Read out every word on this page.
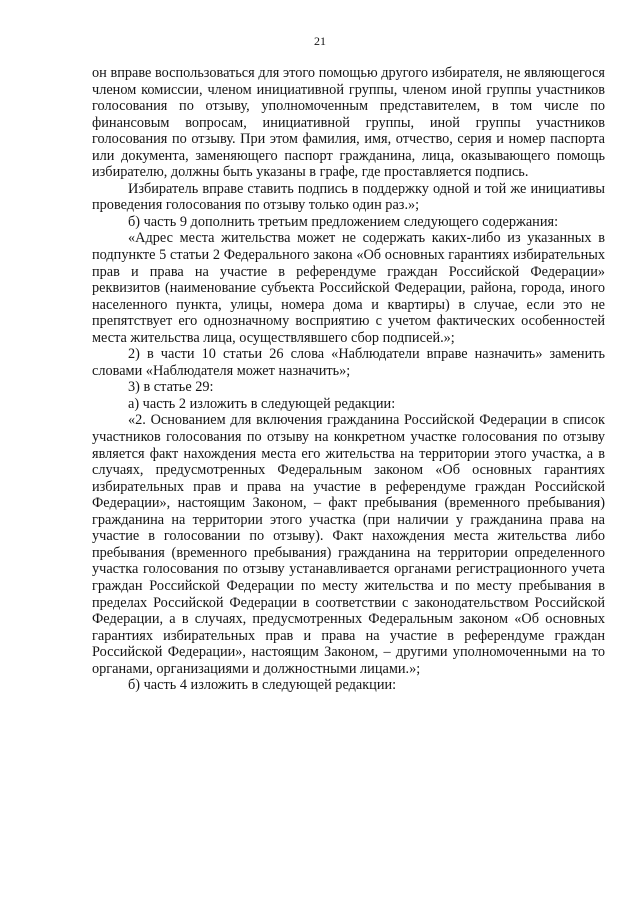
21

он вправе воспользоваться для этого помощью другого избирателя, не являющегося членом комиссии, членом инициативной группы, членом иной группы участников голосования по отзыву, уполномоченным представителем, в том числе по финансовым вопросам, инициативной группы, иной группы участников голосования по отзыву. При этом фамилия, имя, отчество, серия и номер паспорта или документа, заменяющего паспорт гражданина, лица, оказывающего помощь избирателю, должны быть указаны в графе, где проставляется подпись.

Избиратель вправе ставить подпись в поддержку одной и той же инициативы проведения голосования по отзыву только один раз.»;

б) часть 9 дополнить третьим предложением следующего содержания:

«Адрес места жительства может не содержать каких-либо из указанных в подпункте 5 статьи 2 Федерального закона «Об основных гарантиях избирательных прав и права на участие в референдуме граждан Российской Федерации» реквизитов (наименование субъекта Российской Федерации, района, города, иного населенного пункта, улицы, номера дома и квартиры) в случае, если это не препятствует его однозначному восприятию с учетом фактических особенностей места жительства лица, осуществлявшего сбор подписей.»;

2) в части 10 статьи 26 слова «Наблюдатели вправе назначить» заменить словами «Наблюдателя может назначить»;

3) в статье 29:

а) часть 2 изложить в следующей редакции:

«2. Основанием для включения гражданина Российской Федерации в список участников голосования по отзыву на конкретном участке голосования по отзыву является факт нахождения места его жительства на территории этого участка, а в случаях, предусмотренных Федеральным законом «Об основных гарантиях избирательных прав и права на участие в референдуме граждан Российской Федерации», настоящим Законом, – факт пребывания (временного пребывания) гражданина на территории этого участка (при наличии у гражданина права на участие в голосовании по отзыву). Факт нахождения места жительства либо пребывания (временного пребывания) гражданина на территории определенного участка голосования по отзыву устанавливается органами регистрационного учета граждан Российской Федерации по месту жительства и по месту пребывания в пределах Российской Федерации в соответствии с законодательством Российской Федерации, а в случаях, предусмотренных Федеральным законом «Об основных гарантиях избирательных прав и права на участие в референдуме граждан Российской Федерации», настоящим Законом, – другими уполномоченными на то органами, организациями и должностными лицами.»;

б) часть 4 изложить в следующей редакции:
